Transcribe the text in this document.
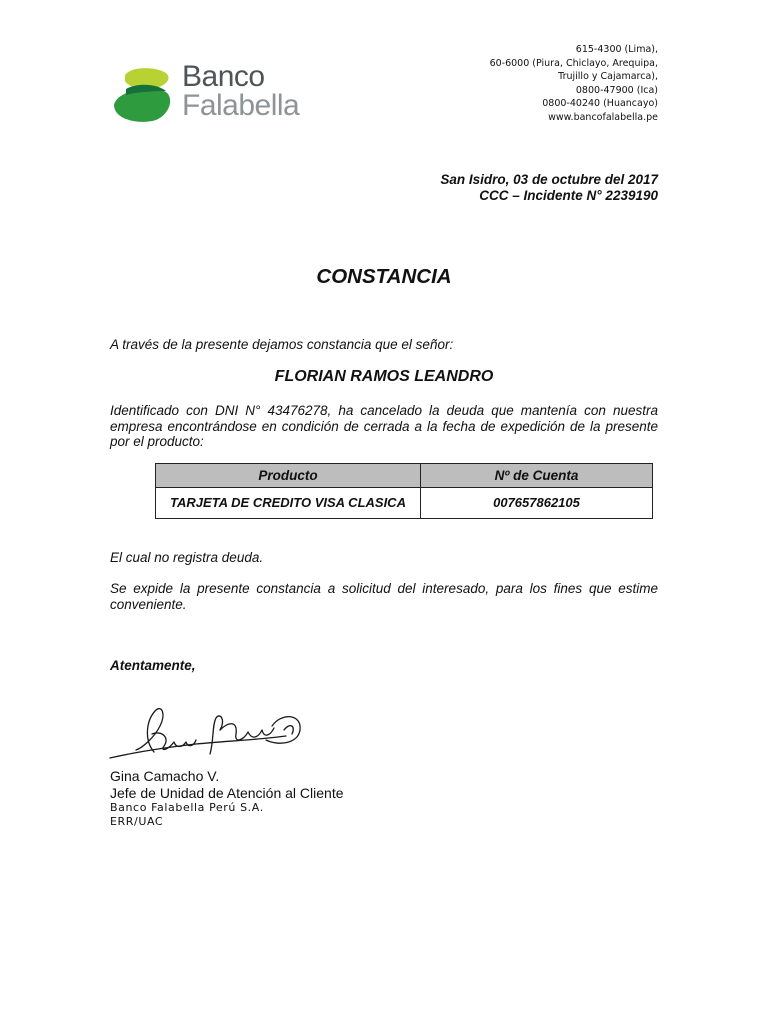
Banco
Falabella
615-4300 (Lima),
60-6000 (Piura, Chiclayo, Arequipa,
Trujillo y Cajamarca),
0800-47900 (Ica)
0800-40240 (Huancayo)
www.bancofalabella.pe
San Isidro, 03 de octubre del 2017
CCC – Incidente N° 2239190
CONSTANCIA
A través de la presente dejamos constancia que el señor:
FLORIAN RAMOS LEANDRO
Identificado con DNI N° 43476278, ha cancelado la deuda que mantenía con nuestra empresa encontrándose en condición de cerrada a la fecha de expedición de la presente por el producto:
Producto	Nº de Cuenta
TARJETA DE CREDITO VISA CLASICA	007657862105
El cual no registra deuda.
Se expide la presente constancia a solicitud del interesado, para los fines que estime conveniente.
Atentamente,
Gina Camacho V.
Jefe de Unidad de Atención al Cliente
Banco Falabella Perú S.A.
ERR/UAC
